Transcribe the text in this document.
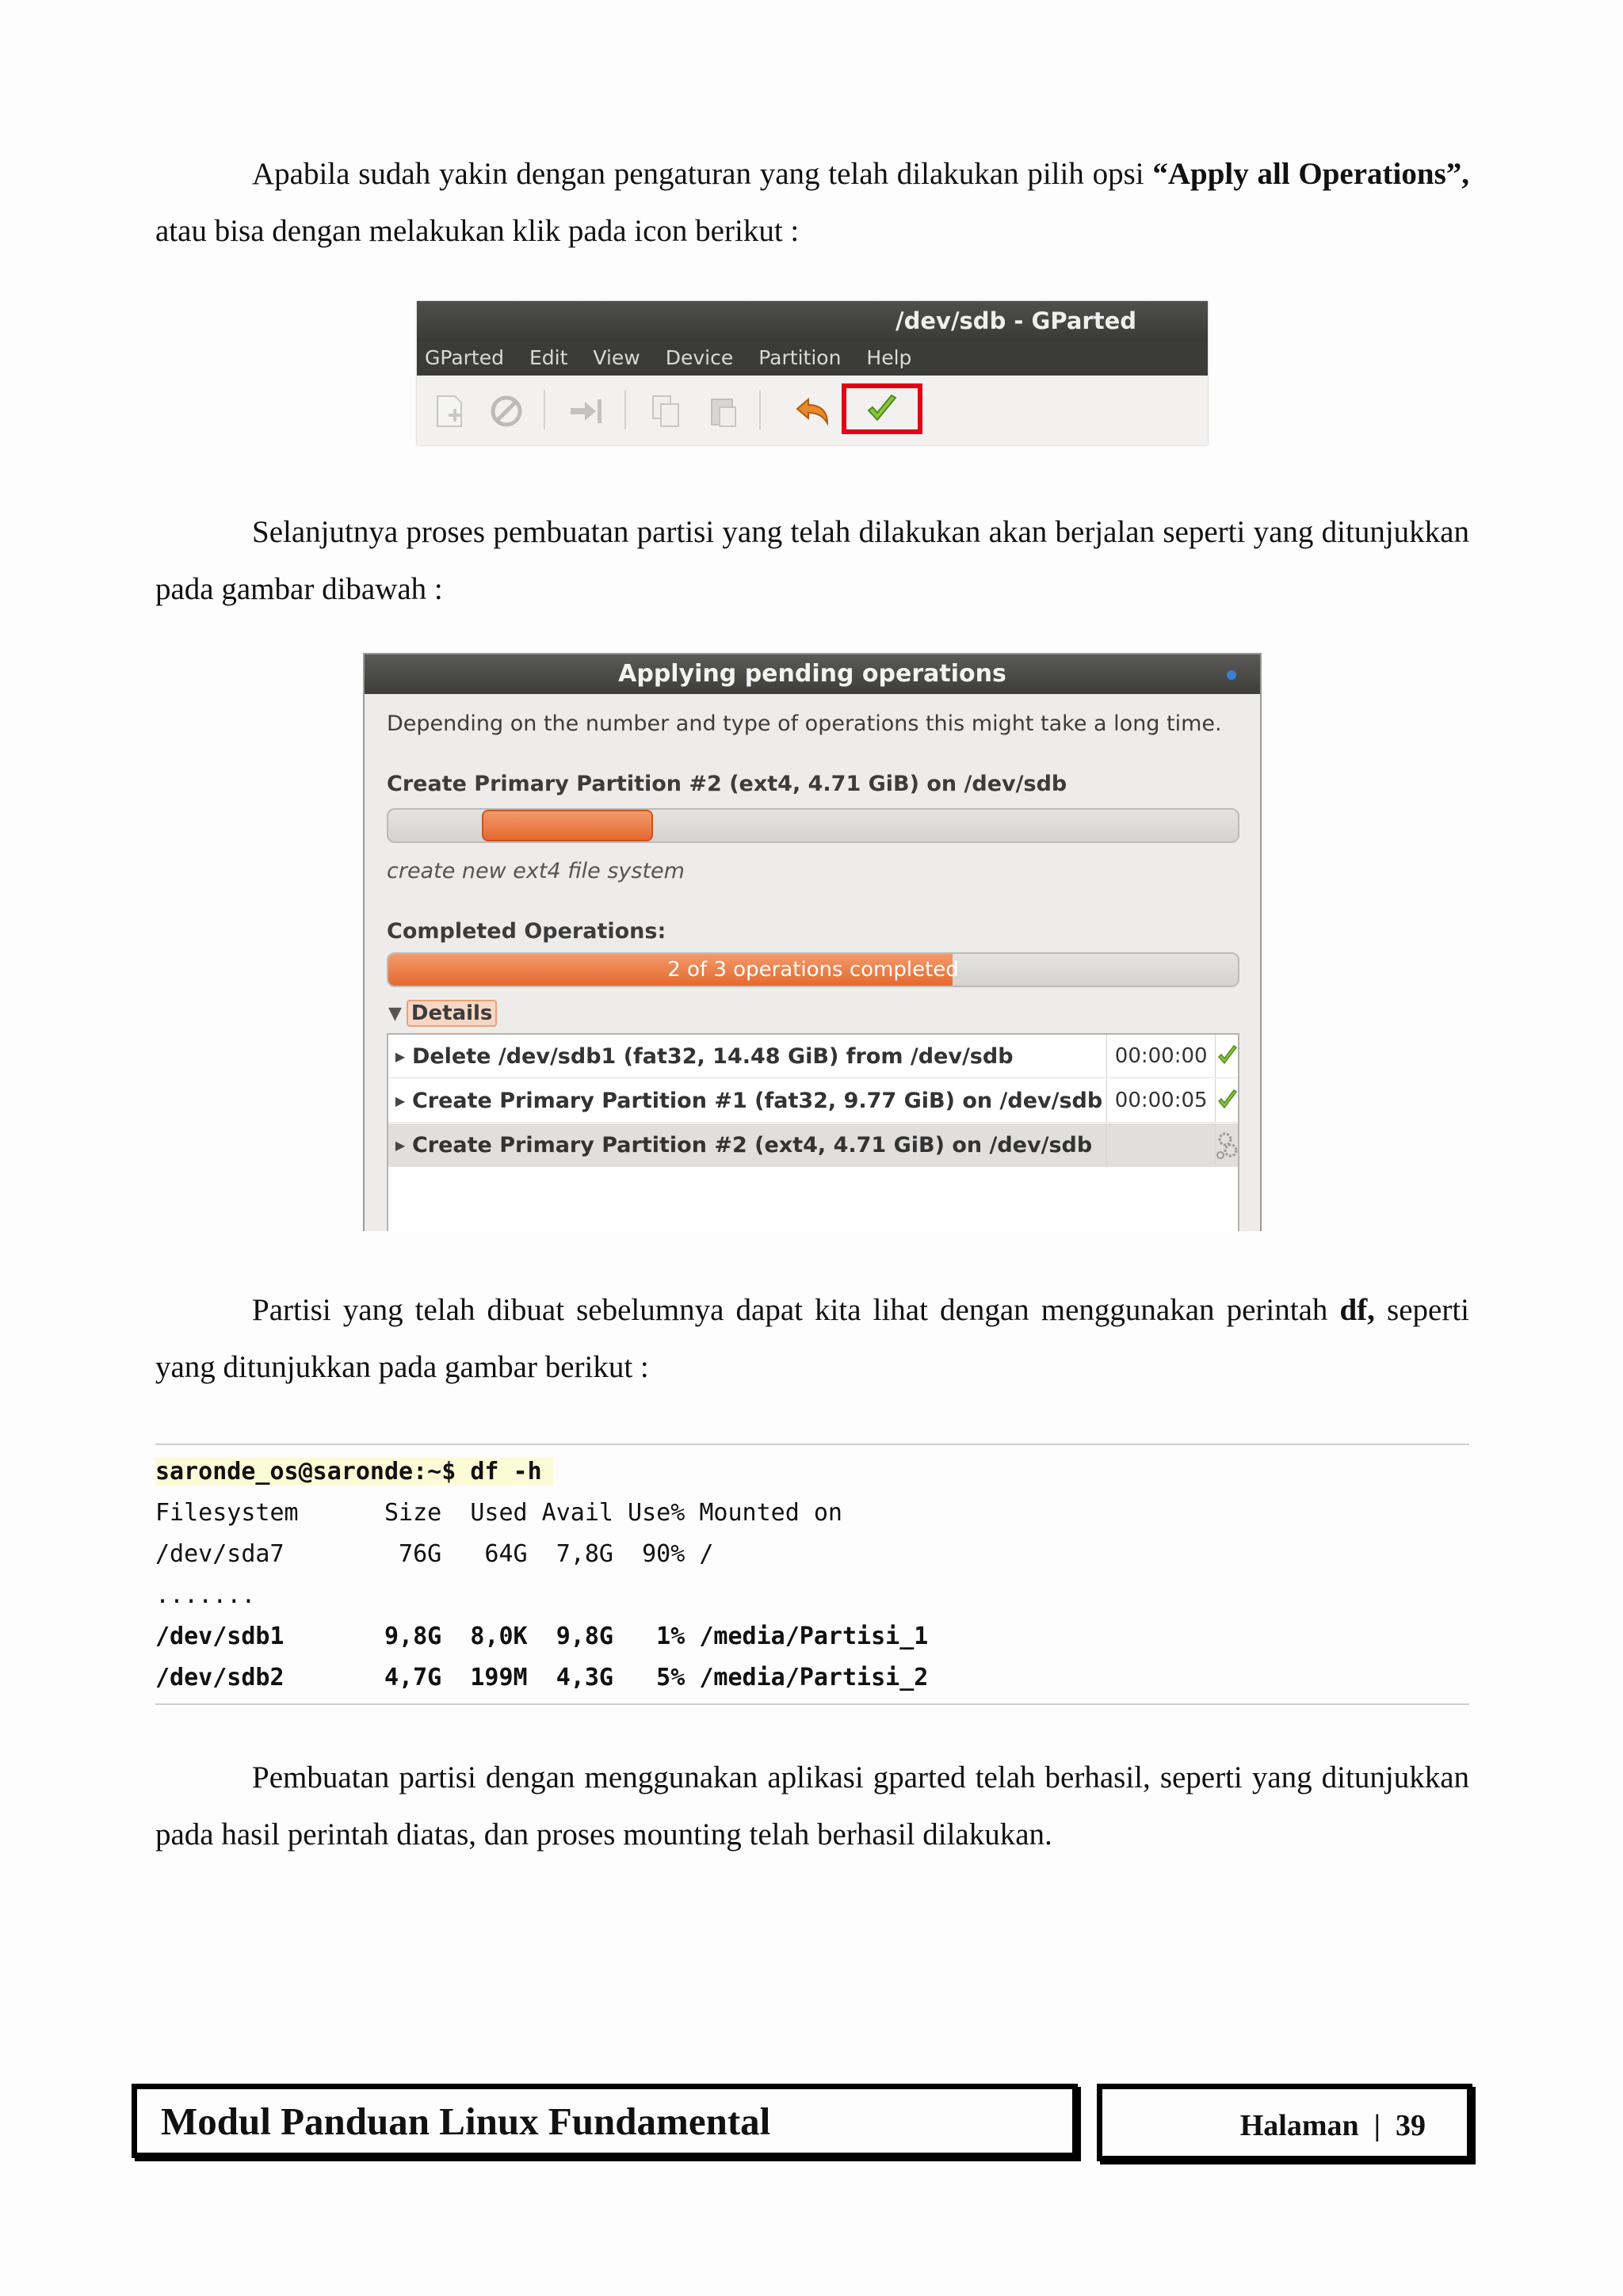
Apabila sudah yakin dengan pengaturan yang telah dilakukan pilih opsi “Apply all Operations”, atau bisa dengan melakukan klik pada icon berikut :

/dev/sdb - GParted
GParted	Edit	View	Device	Partition	Help

Selanjutnya proses pembuatan partisi yang telah dilakukan akan berjalan seperti yang ditunjukkan pada gambar dibawah :

Applying pending operations
Depending on the number and type of operations this might take a long time.
Create Primary Partition #2 (ext4, 4.71 GiB) on /dev/sdb
create new ext4 file system
Completed Operations:
2 of 3 operations completed
▼ Details
▶ Delete /dev/sdb1 (fat32, 14.48 GiB) from /dev/sdb	00:00:00
▶ Create Primary Partition #1 (fat32, 9.77 GiB) on /dev/sdb 00:00:05
▶ Create Primary Partition #2 (ext4, 4.71 GiB) on /dev/sdb

Partisi yang telah dibuat sebelumnya dapat kita lihat dengan menggunakan perintah df, seperti yang ditunjukkan pada gambar berikut :

saronde_os@saronde:~$ df -h
Filesystem      Size  Used Avail Use% Mounted on
/dev/sda7        76G   64G  7,8G  90% /
.......
/dev/sdb1       9,8G  8,0K  9,8G   1% /media/Partisi_1
/dev/sdb2       4,7G  199M  4,3G   5% /media/Partisi_2

Pembuatan partisi dengan menggunakan aplikasi gparted telah berhasil, seperti yang ditunjukkan pada hasil perintah diatas, dan proses mounting telah berhasil dilakukan.

Modul Panduan Linux Fundamental	Halaman | 39
